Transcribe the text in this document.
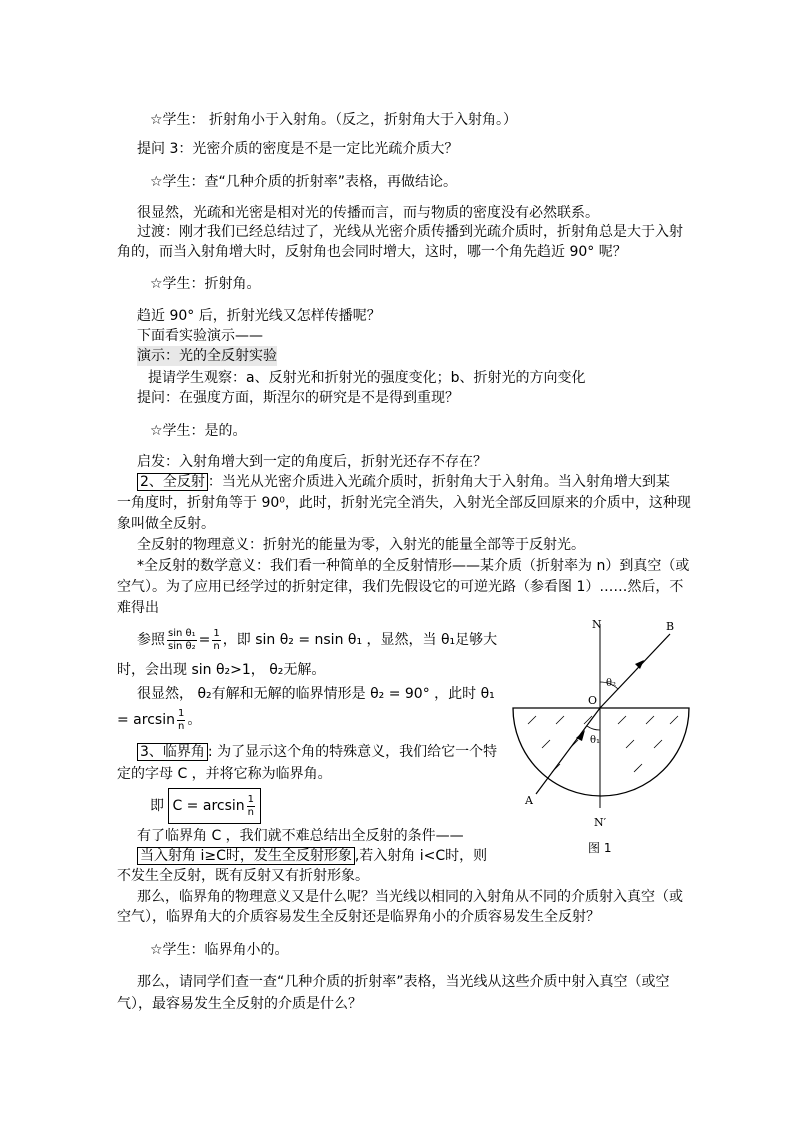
☆学生： 折射角小于入射角。（反之，折射角大于入射角。）
提问 3：光密介质的密度是不是一定比光疏介质大？
☆学生：查“几种介质的折射率”表格，再做结论。
很显然，光疏和光密是相对光的传播而言，而与物质的密度没有必然联系。
过渡：刚才我们已经总结过了，光线从光密介质传播到光疏介质时，折射角总是大于入射
角的，而当入射角增大时，反射角也会同时增大，这时，哪一个角先趋近 90° 呢？
☆学生：折射角。
趋近 90° 后，折射光线又怎样传播呢？
下面看实验演示——
演示：光的全反射实验
提请学生观察：a、反射光和折射光的强度变化；b、折射光的方向变化
提问：在强度方面，斯涅尔的研究是不是得到重现？
☆学生：是的。
启发：入射角增大到一定的角度后，折射光还存不存在？
2、全反射 ：当光从光密介质进入光疏介质时，折射角大于入射角。当入射角增大到某
一角度时，折射角等于 90⁰，此时，折射光完全消失，入射光全部反回原来的介质中，这种现
象叫做全反射。
全反射的物理意义：折射光的能量为零，入射光的能量全部等于反射光。
*全反射的数学意义：我们看一种简单的全反射情形——某介质（折射率为 n）到真空（或
空气）。为了应用已经学过的折射定律，我们先假设它的可逆光路（参看图 1）……然后，不
难得出
参照 $\frac{\text{sin θ₁}}{\text{sin θ₂}} = \frac{1}{n}$ ，即 sin θ₂ = nsin θ₁ ，显然，当 θ₁足够大
时，会出现 sin θ₂>1， θ₂无解。
很显然， θ₂有解和无解的临界情形是 θ₂ = 90° ，此时 θ₁
= $\arcsin \frac{1}{n}$ 。
3、临界角 : 为了显示这个角的特殊意义，我们给它一个特
定的字母 C ，并将它称为临界角。
即 $C = \arcsin \frac{1}{n}$
有了临界角 C ，我们就不难总结出全反射的条件——
当入射角 i≥C时，发生全反射形象 ,若入射角 i<C时，则
不发生全反射，既有反射又有折射形象。
那么，临界角的物理意义又是什么呢？当光线以相同的入射角从不同的介质射入真空（或
空气），临界角大的介质容易发生全反射还是临界角小的介质容易发生全反射？
☆学生：临界角小的。
那么，请同学们查一查“几种介质的折射率”表格，当光线从这些介质中射入真空（或空
气），最容易发生全反射的介质是什么？
N	B
θ₂
O
θ₁
A
N′
图 1
